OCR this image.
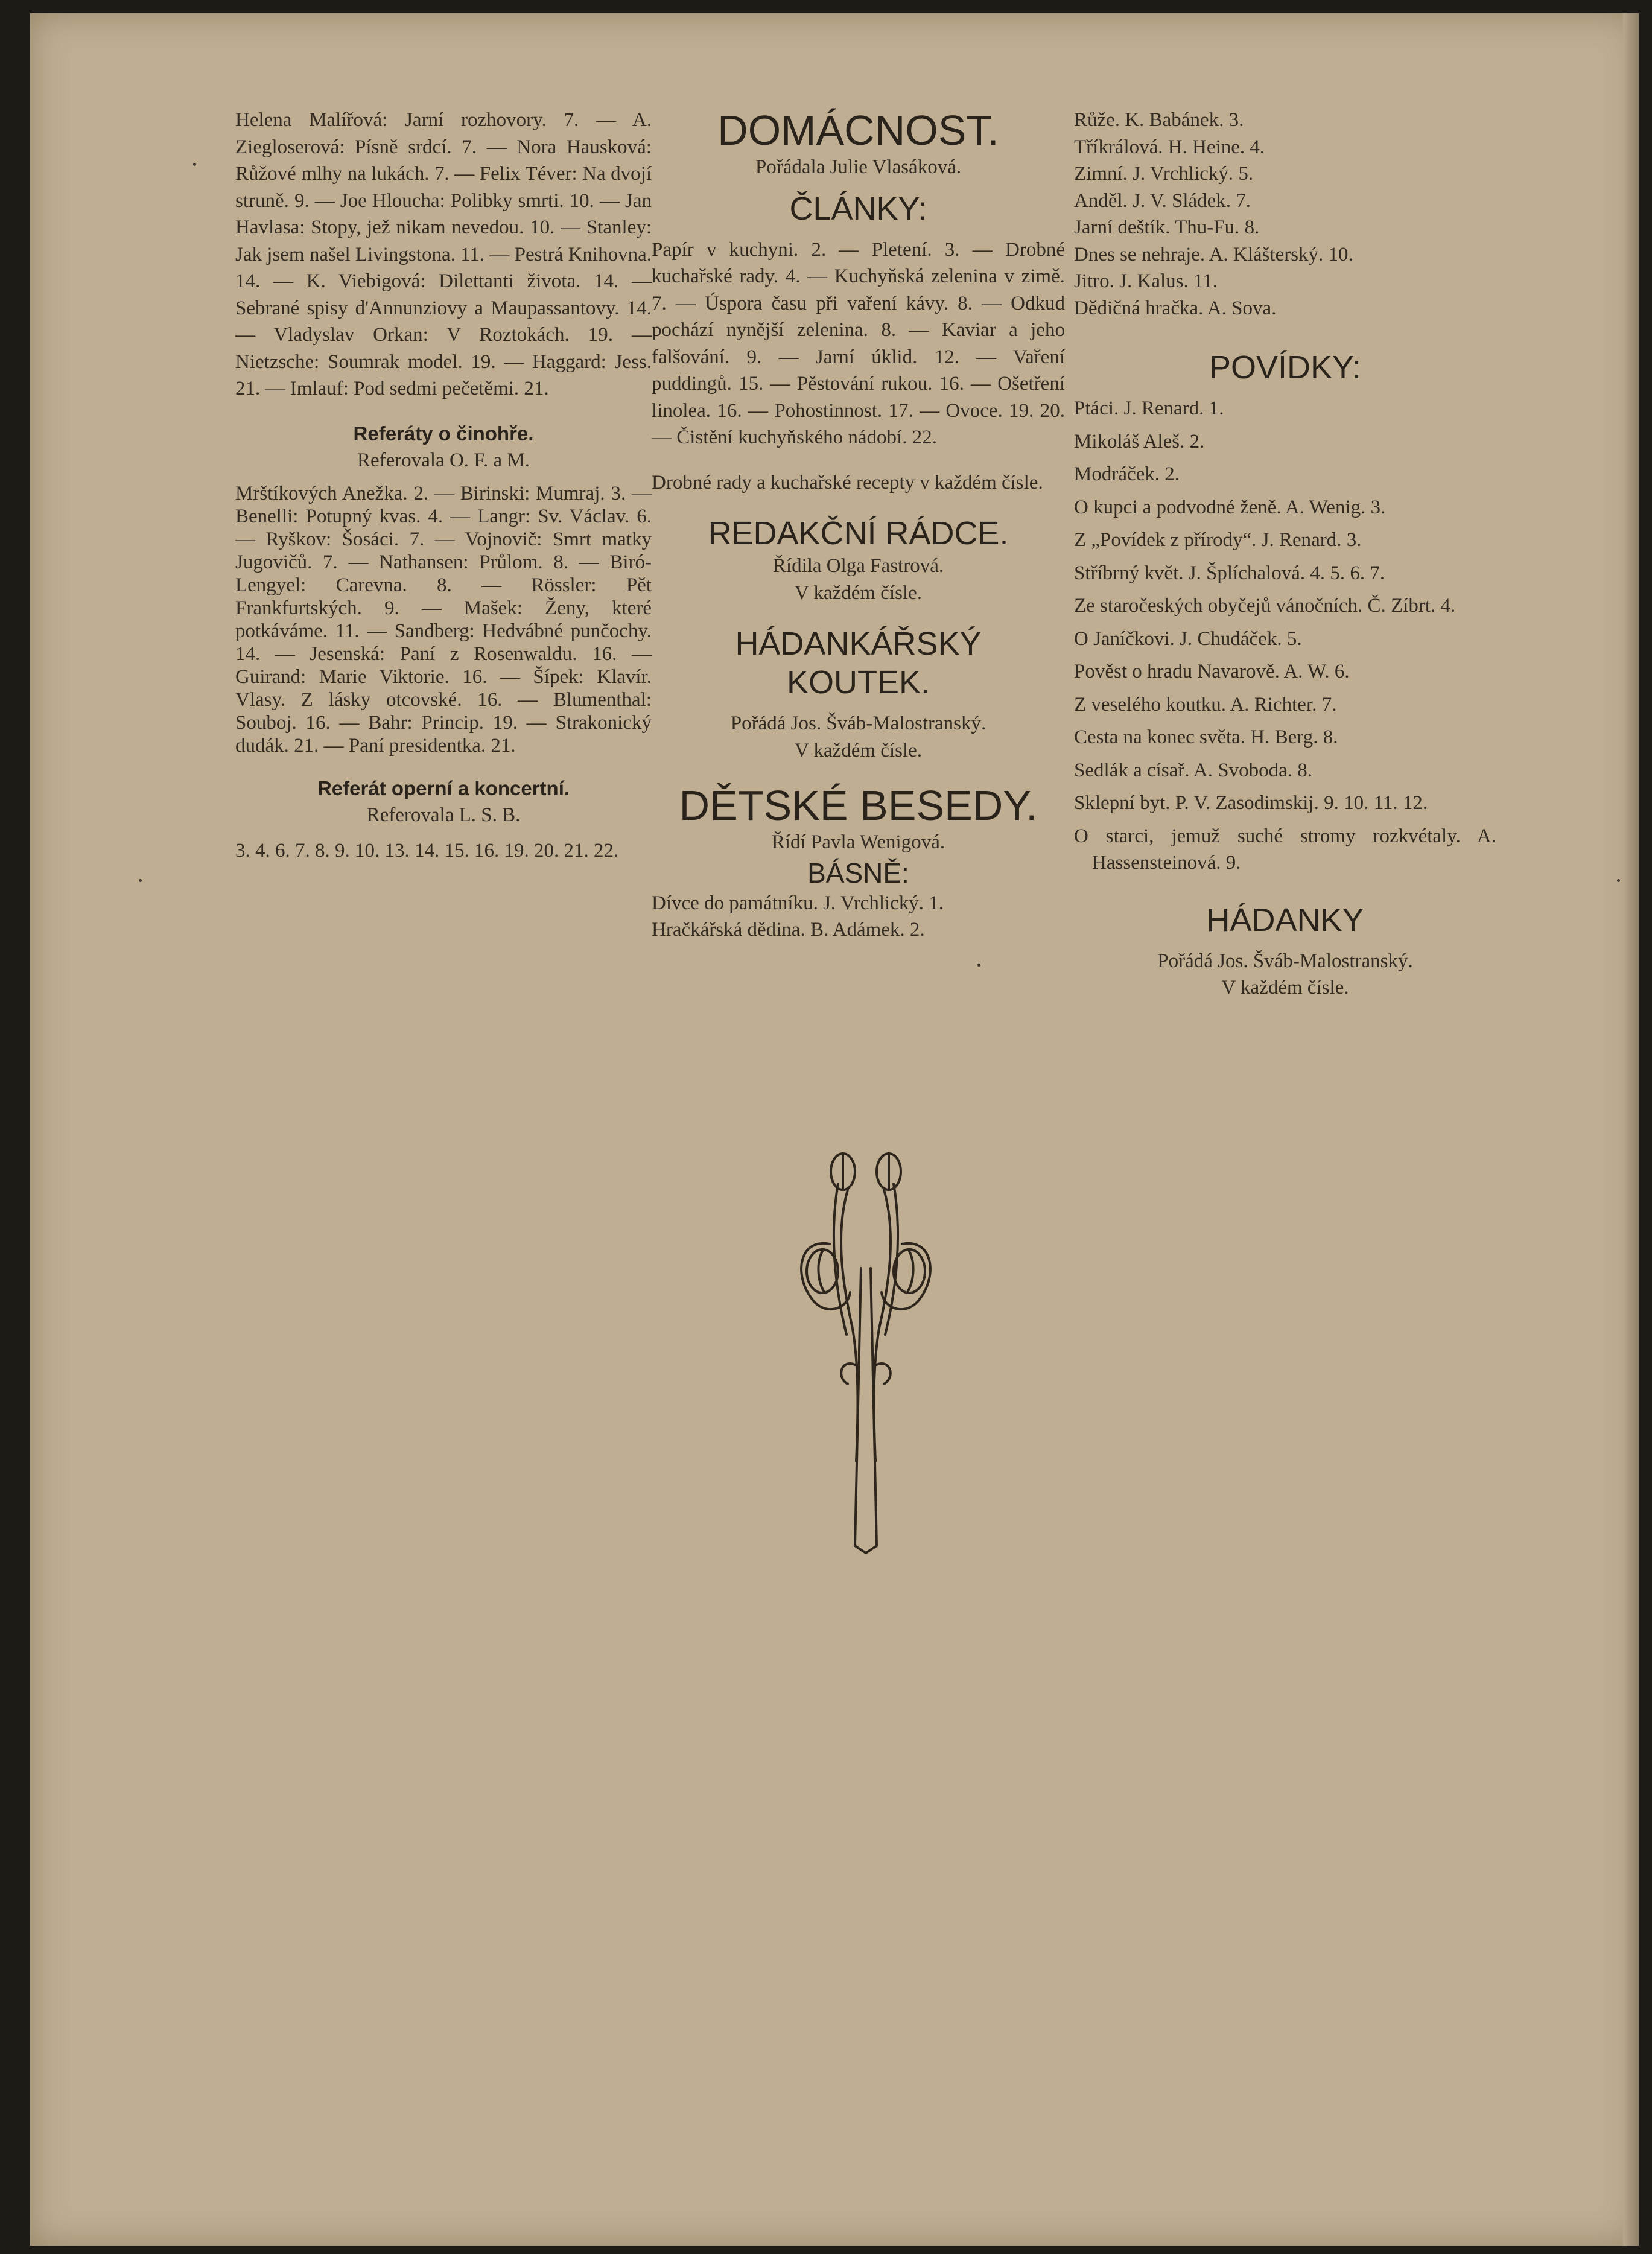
Helena Malířová: Jarní rozhovory. 7. — A. Ziegloserová: Písně srdcí. 7. — Nora Hausková: Růžové mlhy na lukách. 7. — Felix Téver: Na dvojí struně. 9. — Joe Hloucha: Polibky smrti. 10. — Jan Havlasa: Stopy, jež nikam nevedou. 10. — Stanley: Jak jsem našel Livingstona. 11. — Pestrá Knihovna. 14. — K. Viebigová: Dilettanti života. 14. — Sebrané spisy d'Annunziovy a Maupassantovy. 14. — Vladyslav Orkan: V Roztokách. 19. — Nietzsche: Soumrak model. 19. — Haggard: Jess. 21. — Imlauf: Pod sedmi pečetěmi. 21.

Referáty o činohře.

Referovala O. F. a M.

Mrštíkových Anežka. 2. — Birinski: Mumraj. 3. — Benelli: Potupný kvas. 4. — Langr: Sv. Václav. 6. — Ryškov: Šosáci. 7. — Vojnovič: Smrt matky Jugovičů. 7. — Nathansen: Průlom. 8. — Biró-Lengyel: Carevna. 8. — Rössler: Pět Frankfurtských. 9. — Mašek: Ženy, které potkáváme. 11. — Sandberg: Hedvábné punčochy. 14. — Jesenská: Paní z Rosenwaldu. 16. — Guirand: Marie Viktorie. 16. — Šípek: Klavír. Vlasy. Z lásky otcovské. 16. — Blumenthal: Souboj. 16. — Bahr: Princip. 19. — Strakonický dudák. 21. — Paní presidentka. 21.

Referát operní a koncertní.

Referovala L. S. B.

3. 4. 6. 7. 8. 9. 10. 13. 14. 15. 16. 19. 20. 21. 22.

DOMÁCNOST.

Pořádala Julie Vlasáková.

ČLÁNKY:

Papír v kuchyni. 2. — Pletení. 3. — Drobné kuchařské rady. 4. — Kuchyňská zelenina v zimě. 7. — Úspora času při vaření kávy. 8. — Odkud pochází nynější zelenina. 8. — Kaviar a jeho falšování. 9. — Jarní úklid. 12. — Vaření puddingů. 15. — Pěstování rukou. 16. — Ošetření linolea. 16. — Pohostinnost. 17. — Ovoce. 19. 20. — Čistění kuchyňského nádobí. 22.

Drobné rady a kuchařské recepty v každém čísle.

REDAKČNÍ RÁDCE.

Řídila Olga Fastrová.

V každém čísle.

HÁDANKÁŘSKÝ

KOUTEK.

Pořádá Jos. Šváb-Malostranský.

V každém čísle.

DĚTSKÉ BESEDY.

Řídí Pavla Wenigová.

BÁSNĚ:

Dívce do památníku. J. Vrchlický. 1.

Hračkářská dědina. B. Adámek. 2.

Růže. K. Babánek. 3.

Tříkrálová. H. Heine. 4.

Zimní. J. Vrchlický. 5.

Anděl. J. V. Sládek. 7.

Jarní deštík. Thu-Fu. 8.

Dnes se nehraje. A. Klášterský. 10.

Jitro. J. Kalus. 11.

Dědičná hračka. A. Sova.

POVÍDKY:

Ptáci. J. Renard. 1.

Mikoláš Aleš. 2.

Modráček. 2.

O kupci a podvodné ženě. A. Wenig. 3.

Z „Povídek z přírody“. J. Renard. 3.

Stříbrný květ. J. Šplíchalová. 4. 5. 6. 7.

Ze staročeských obyčejů vánočních. Č. Zíbrt. 4.

O Janíčkovi. J. Chudáček. 5.

Pověst o hradu Navarově. A. W. 6.

Z veselého koutku. A. Richter. 7.

Cesta na konec světa. H. Berg. 8.

Sedlák a císař. A. Svoboda. 8.

Sklepní byt. P. V. Zasodimskij. 9. 10. 11. 12.

O starci, jemuž suché stromy rozkvétaly. A. Hassensteinová. 9.

HÁDANKY

Pořádá Jos. Šváb-Malostranský.

V každém čísle.
